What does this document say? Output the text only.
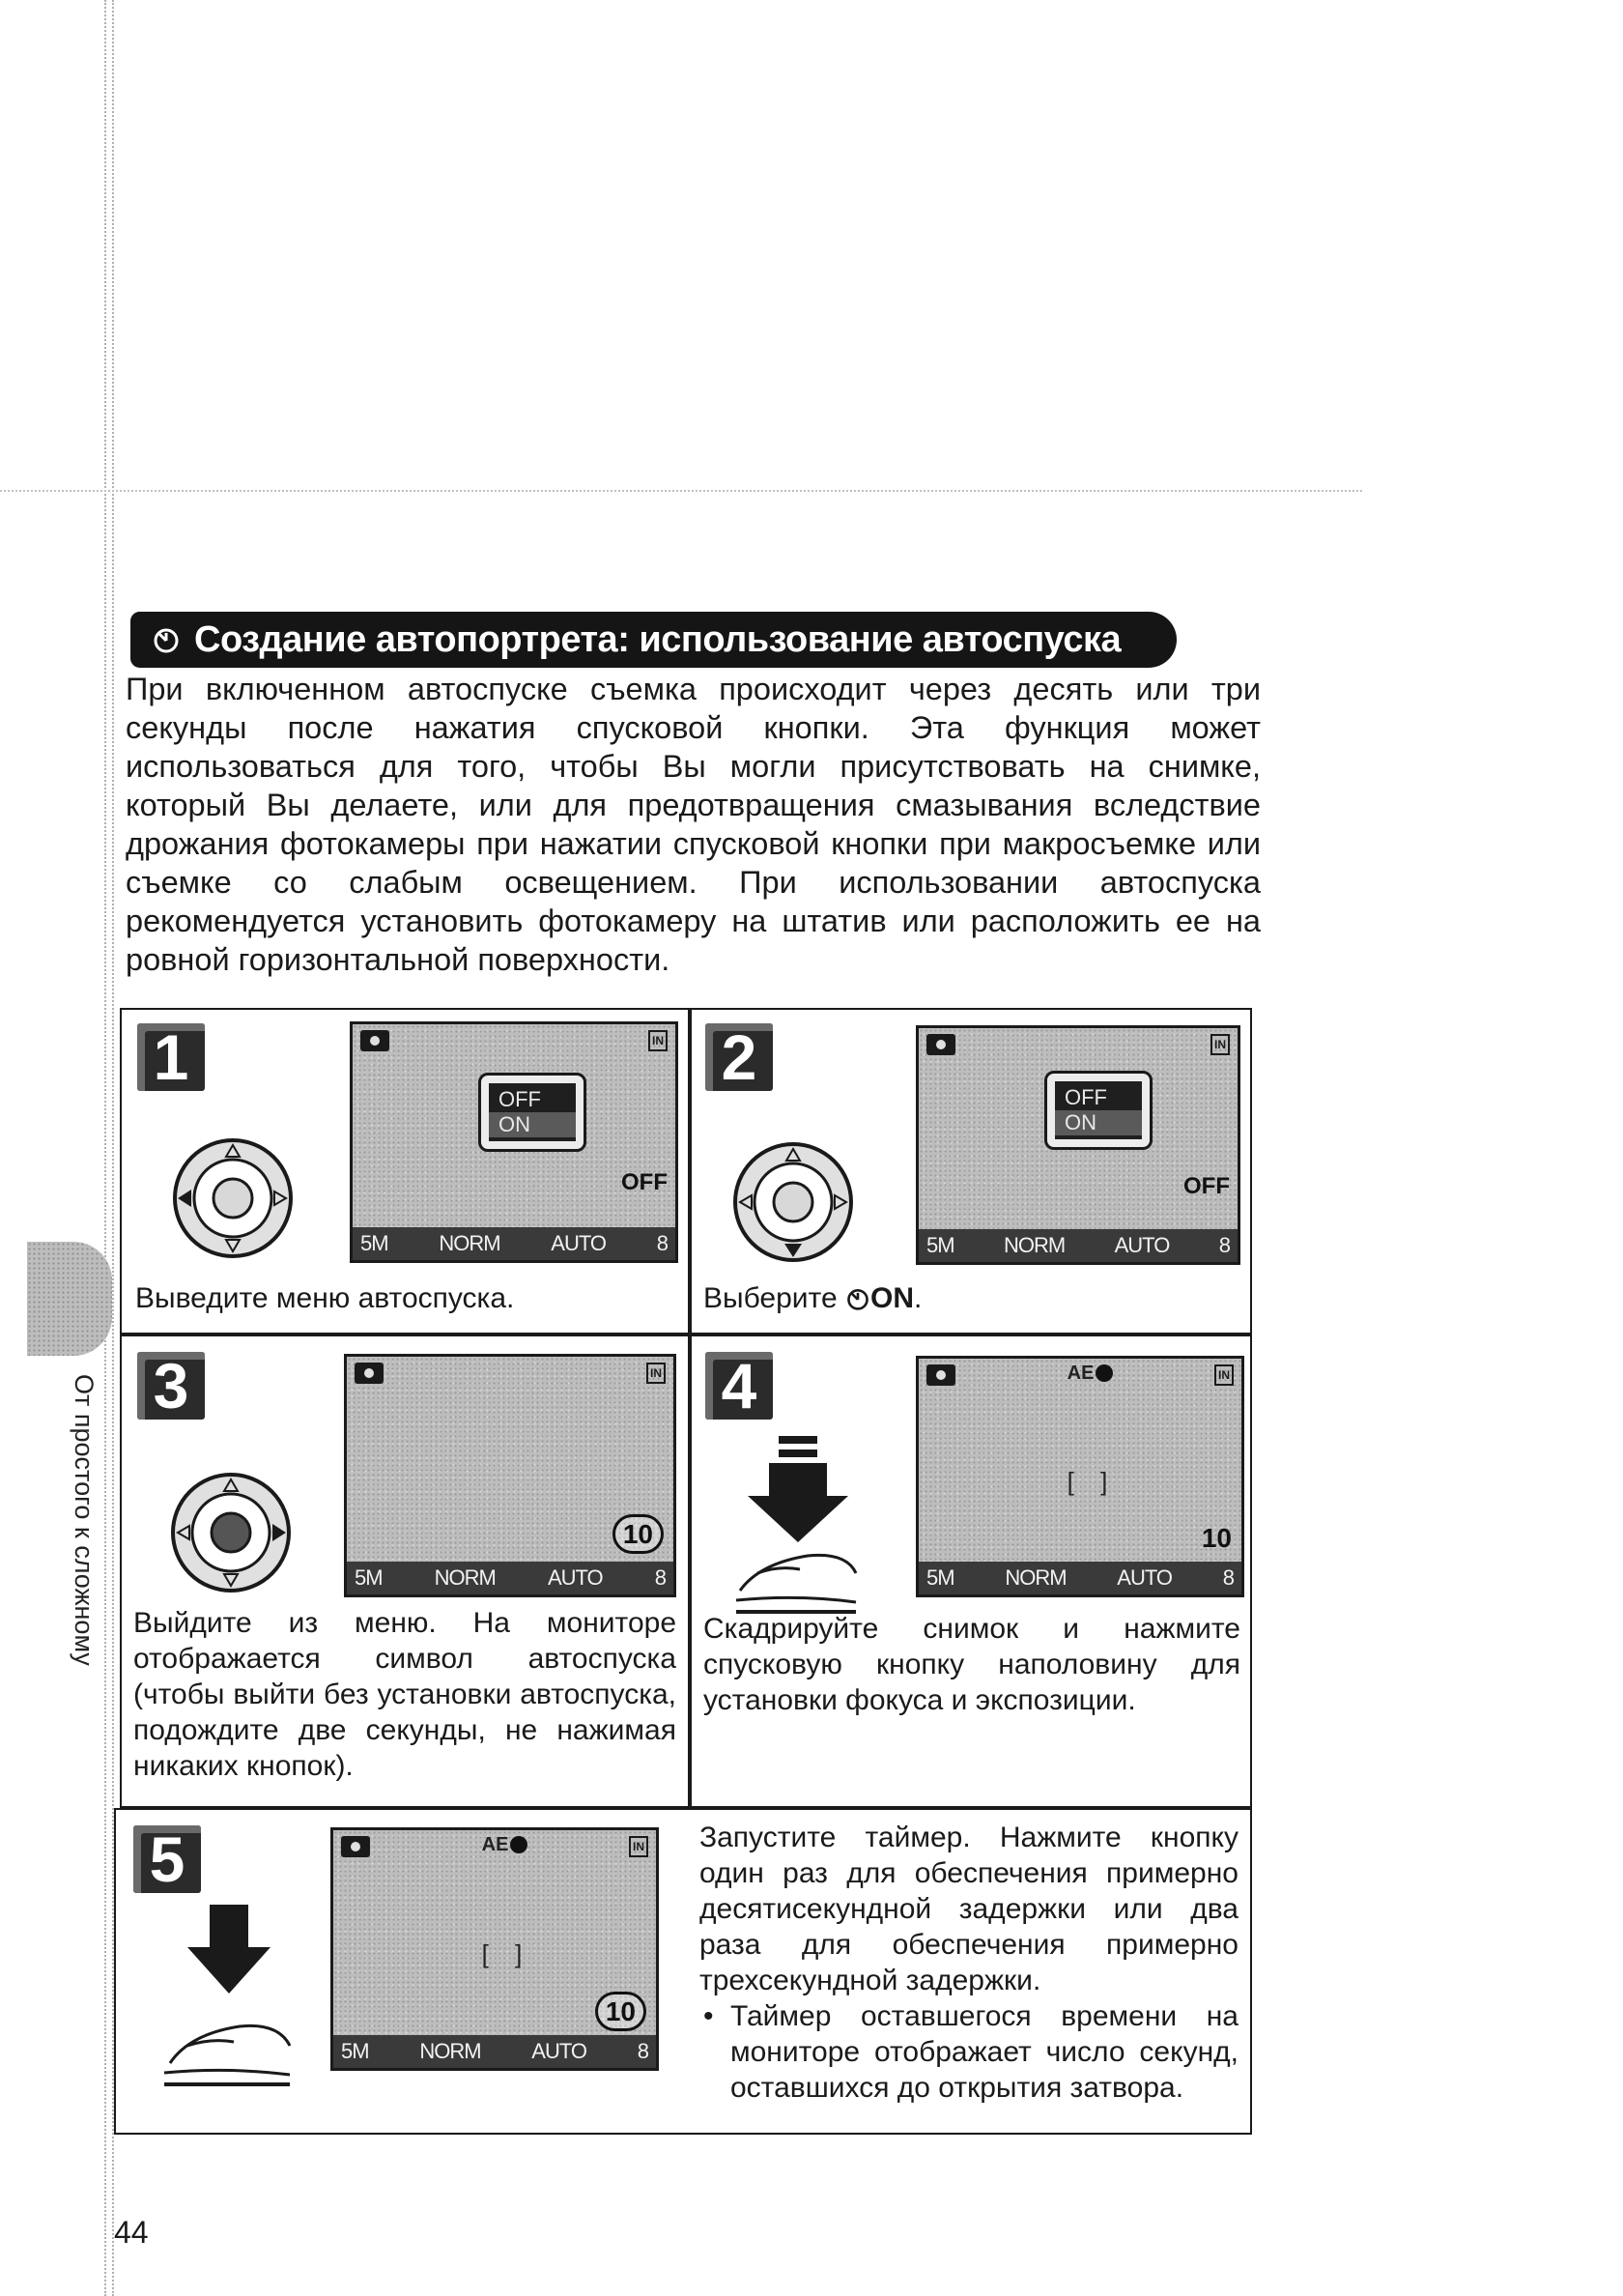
Создание автопортрета: использование автоспуска
При включенном автоспуске съемка происходит через десять или три секунды после нажатия спусковой кнопки. Эта функция может использоваться для того, чтобы Вы могли присутствовать на снимке, который Вы делаете, или для предотвращения смазывания вследствие дрожания фотокамеры при нажатии спусковой кнопки при макросъемке или съемке со слабым освещением. При использовании автоспуска рекомендуется установить фотокамеру на штатив или расположить ее на ровной горизонтальной поверхности.
От простого к сложному
1	IN
OFF
ON
OFF
5M NORM AUTO 8
Выведите меню автоспуска.
2	IN
OFF
ON
OFF
5M NORM AUTO 8
Выберите ON.
3	IN
10
5M NORM AUTO 8
Выйдите из меню. На мониторе отображается символ автоспуска (чтобы выйти без установки автоспуска, подождите две секунды, не нажимая никаких кнопок).
4	AE	IN
[ ]
10
5M NORM AUTO 8
Скадрируйте снимок и нажмите спусковую кнопку наполовину для установки фокуса и экспозиции.
5	AE	IN
[ ]
10
5M NORM AUTO 8
Запустите таймер. Нажмите кнопку один раз для обеспечения примерно десятисекундной задержки или два раза для обеспечения примерно трехсекундной задержки.
• Таймер оставшегося времени на мониторе отображает число секунд, оставшихся до открытия затвора.
44
